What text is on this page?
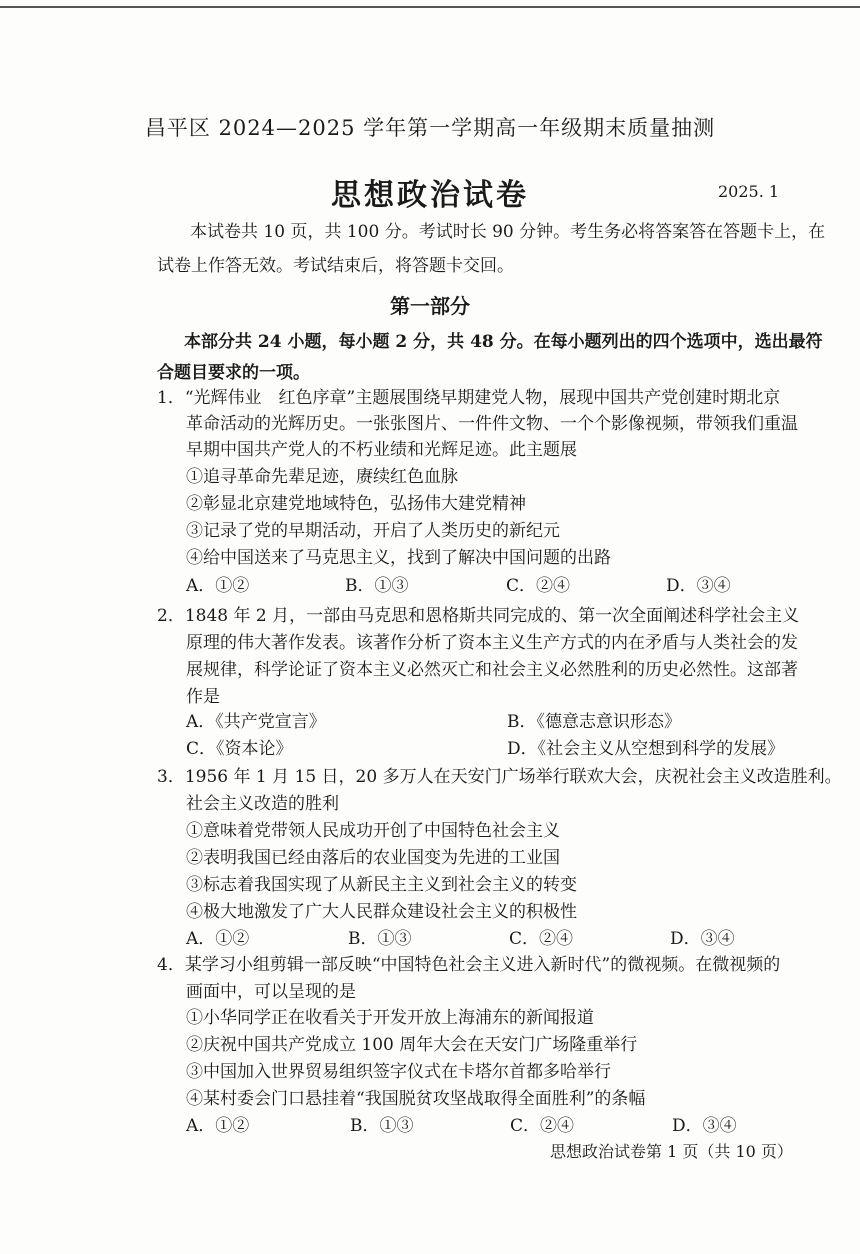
昌平区 2024—2025 学年第一学期高一年级期末质量抽测
思想政治试卷	2025. 1
本试卷共 10 页，共 100 分。考试时长 90 分钟。考生务必将答案答在答题卡上，在
试卷上作答无效。考试结束后，将答题卡交回。
第一部分
本部分共 24 小题，每小题 2 分，共 48 分。在每小题列出的四个选项中，选出最符
合题目要求的一项。
1．“光辉伟业　红色序章”主题展围绕早期建党人物，展现中国共产党创建时期北京
革命活动的光辉历史。一张张图片、一件件文物、一个个影像视频，带领我们重温
早期中国共产党人的不朽业绩和光辉足迹。此主题展
①追寻革命先辈足迹，赓续红色血脉
②彰显北京建党地域特色，弘扬伟大建党精神
③记录了党的早期活动，开启了人类历史的新纪元
④给中国送来了马克思主义，找到了解决中国问题的出路
A．①②	B．①③	C．②④	D．③④
2．1848 年 2 月，一部由马克思和恩格斯共同完成的、第一次全面阐述科学社会主义
原理的伟大著作发表。该著作分析了资本主义生产方式的内在矛盾与人类社会的发
展规律，科学论证了资本主义必然灭亡和社会主义必然胜利的历史必然性。这部著
作是
A．《共产党宣言》	B．《德意志意识形态》
C．《资本论》	D．《社会主义从空想到科学的发展》
3．1956 年 1 月 15 日，20 多万人在天安门广场举行联欢大会，庆祝社会主义改造胜利。
社会主义改造的胜利
①意味着党带领人民成功开创了中国特色社会主义
②表明我国已经由落后的农业国变为先进的工业国
③标志着我国实现了从新民主主义到社会主义的转变
④极大地激发了广大人民群众建设社会主义的积极性
A．①②	B．①③	C．②④	D．③④
4．某学习小组剪辑一部反映“中国特色社会主义进入新时代”的微视频。在微视频的
画面中，可以呈现的是
①小华同学正在收看关于开发开放上海浦东的新闻报道
②庆祝中国共产党成立 100 周年大会在天安门广场隆重举行
③中国加入世界贸易组织签字仪式在卡塔尔首都多哈举行
④某村委会门口悬挂着“我国脱贫攻坚战取得全面胜利”的条幅
A．①②	B．①③	C．②④	D．③④
思想政治试卷第 1 页（共 10 页）
